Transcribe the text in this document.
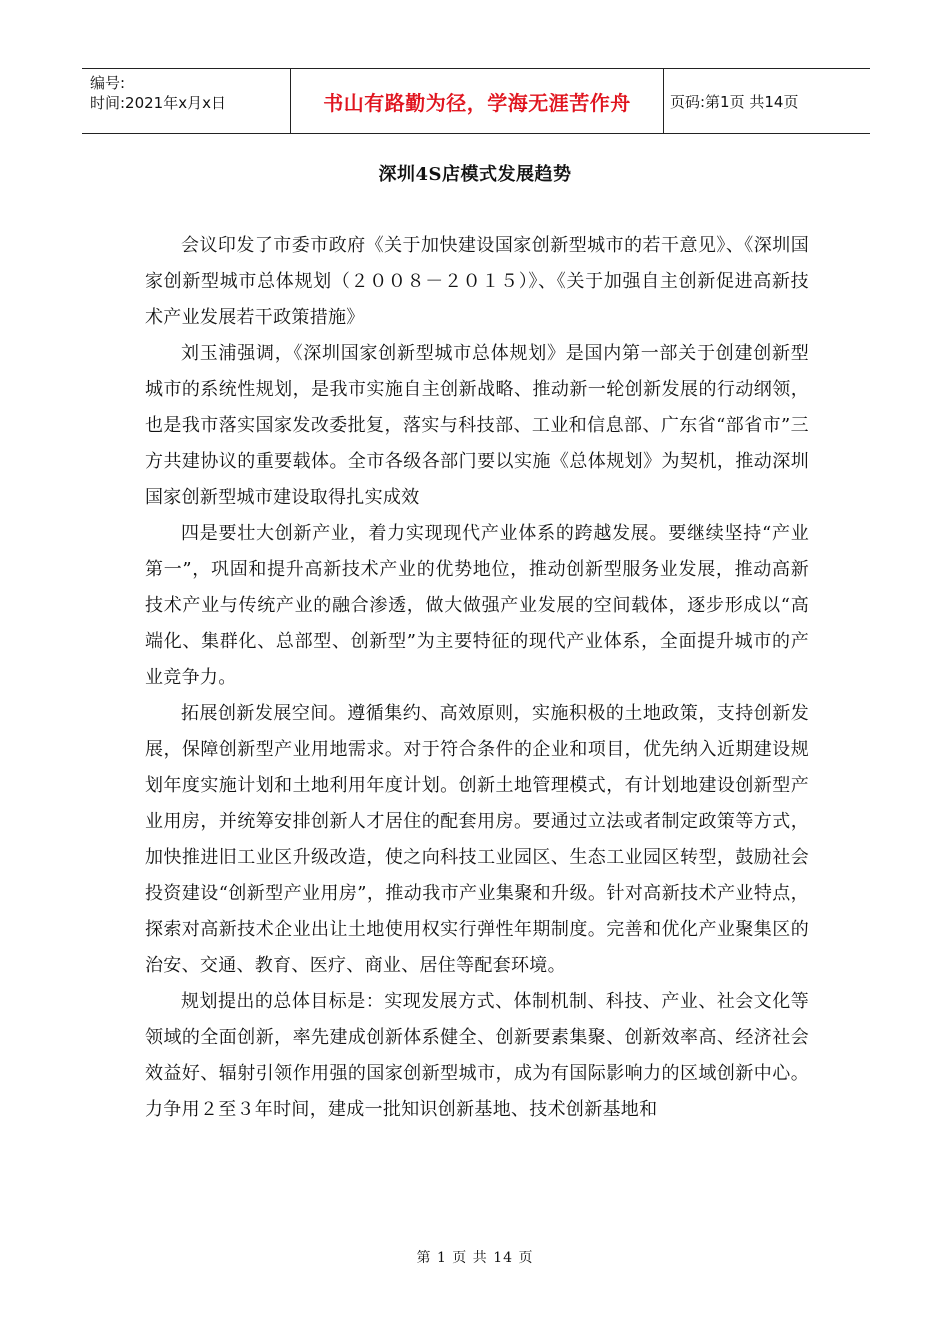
编号:
时间:2021年x月x日	书山有路勤为径，学海无涯苦作舟	页码:第1页 共14页
深圳4S店模式发展趋势

会议印发了市委市政府《关于加快建设国家创新型城市的若干意见》、《深圳国家创新型城市总体规划（２００８－２０１５）》、《关于加强自主创新促进高新技术产业发展若干政策措施》

刘玉浦强调，《深圳国家创新型城市总体规划》是国内第一部关于创建创新型城市的系统性规划，是我市实施自主创新战略、推动新一轮创新发展的行动纲领，也是我市落实国家发改委批复，落实与科技部、工业和信息部、广东省“部省市”三方共建协议的重要载体。全市各级各部门要以实施《总体规划》为契机，推动深圳国家创新型城市建设取得扎实成效

四是要壮大创新产业，着力实现现代产业体系的跨越发展。要继续坚持“产业第一”，巩固和提升高新技术产业的优势地位，推动创新型服务业发展，推动高新技术产业与传统产业的融合渗透，做大做强产业发展的空间载体，逐步形成以“高端化、集群化、总部型、创新型”为主要特征的现代产业体系，全面提升城市的产业竞争力。

拓展创新发展空间。遵循集约、高效原则，实施积极的土地政策，支持创新发展，保障创新型产业用地需求。对于符合条件的企业和项目，优先纳入近期建设规划年度实施计划和土地利用年度计划。创新土地管理模式，有计划地建设创新型产业用房，并统筹安排创新人才居住的配套用房。要通过立法或者制定政策等方式，加快推进旧工业区升级改造，使之向科技工业园区、生态工业园区转型，鼓励社会投资建设“创新型产业用房”，推动我市产业集聚和升级。针对高新技术产业特点，探索对高新技术企业出让土地使用权实行弹性年期制度。完善和优化产业聚集区的治安、交通、教育、医疗、商业、居住等配套环境。

规划提出的总体目标是：实现发展方式、体制机制、科技、产业、社会文化等领域的全面创新，率先建成创新体系健全、创新要素集聚、创新效率高、经济社会效益好、辐射引领作用强的国家创新型城市，成为有国际影响力的区域创新中心。力争用２至３年时间，建成一批知识创新基地、技术创新基地和

第 1 页 共 14 页
